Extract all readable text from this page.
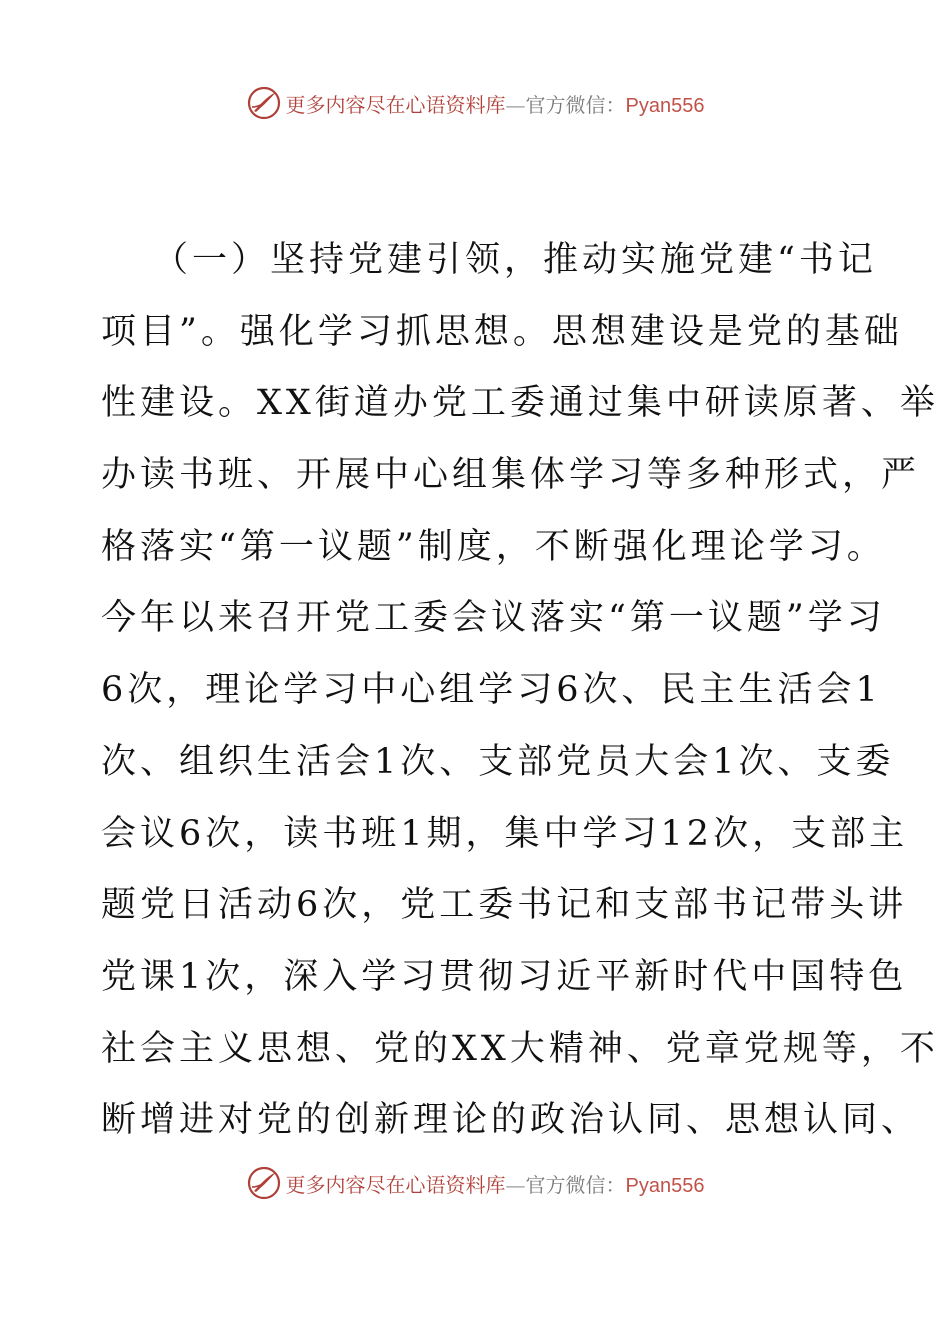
更多内容尽在心语资料库—官方微信：Pyan556
（一）坚持党建引领，推动实施党建“书记
项目”。强化学习抓思想。思想建设是党的基础
性建设。XX街道办党工委通过集中研读原著、举
办读书班、开展中心组集体学习等多种形式，严
格落实“第一议题”制度，不断强化理论学习。
今年以来召开党工委会议落实“第一议题”学习
6次，理论学习中心组学习6次、民主生活会1
次、组织生活会1次、支部党员大会1次、支委
会议6次，读书班1期，集中学习12次，支部主
题党日活动6次，党工委书记和支部书记带头讲
党课1次，深入学习贯彻习近平新时代中国特色
社会主义思想、党的XX大精神、党章党规等，不
断增进对党的创新理论的政治认同、思想认同、
更多内容尽在心语资料库—官方微信：Pyan556
